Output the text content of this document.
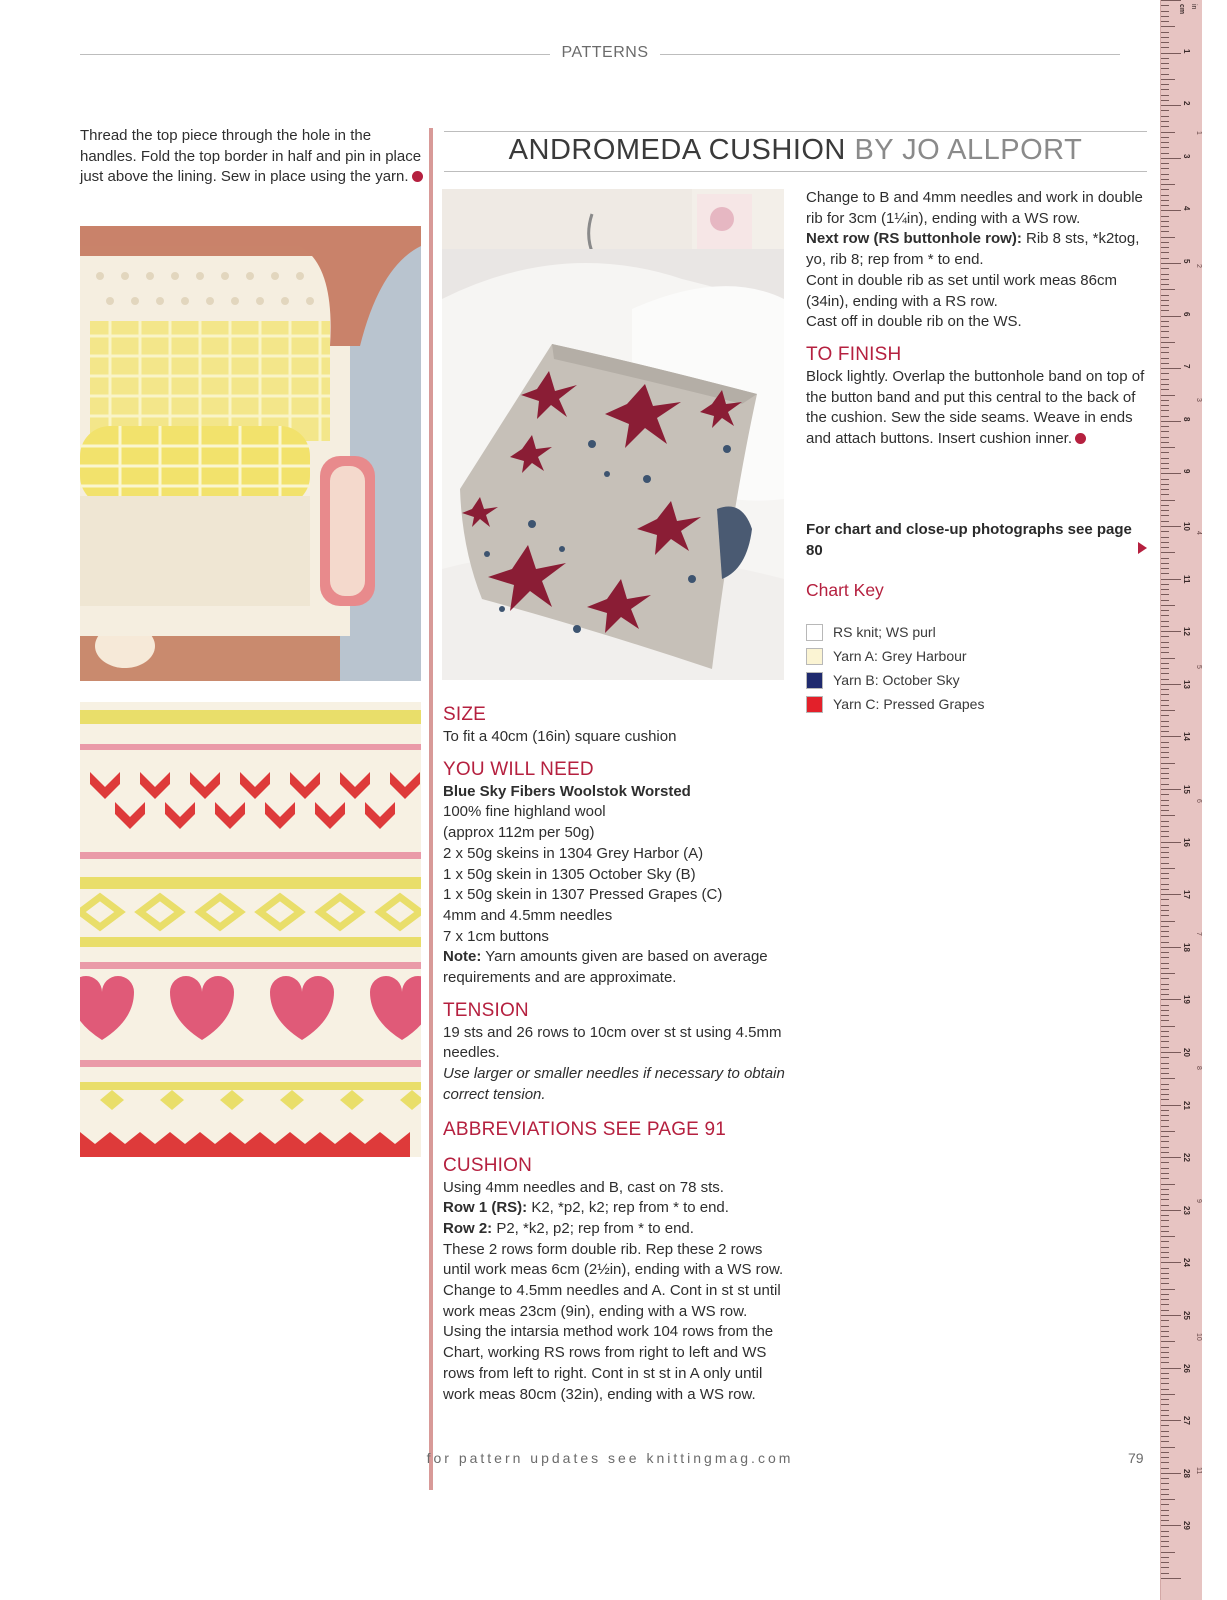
PATTERNS
Thread the top piece through the hole in the handles. Fold the top border in half and pin in place just above the lining. Sew in place using the yarn.
ANDROMEDA CUSHION BY JO ALLPORT
Change to B and 4mm needles and work in double rib for 3cm (1¼in), ending with a WS row.
Next row (RS buttonhole row): Rib 8 sts, *k2tog, yo, rib 8; rep from * to end.
Cont in double rib as set until work meas 86cm (34in), ending with a RS row.
Cast off in double rib on the WS.
TO FINISH
Block lightly. Overlap the buttonhole band on top of the button band and put this central to the back of the cushion. Sew the side seams. Weave in ends and attach buttons. Insert cushion inner.
For chart and close-up photographs see page 80
Chart Key
RS knit; WS purl
Yarn A: Grey Harbour
Yarn B: October Sky
Yarn C: Pressed Grapes
SIZE
To fit a 40cm (16in) square cushion
YOU WILL NEED
Blue Sky Fibers Woolstok Worsted
100% fine highland wool
(approx 112m per 50g)
2 x 50g skeins in 1304 Grey Harbor (A)
1 x 50g skein in 1305 October Sky (B)
1 x 50g skein in 1307 Pressed Grapes (C)
4mm and 4.5mm needles
7 x 1cm buttons
Note: Yarn amounts given are based on average requirements and are approximate.
TENSION
19 sts and 26 rows to 10cm over st st using 4.5mm needles.
Use larger or smaller needles if necessary to obtain correct tension.
ABBREVIATIONS SEE PAGE 91
CUSHION
Using 4mm needles and B, cast on 78 sts.
Row 1 (RS): K2, *p2, k2; rep from * to end.
Row 2: P2, *k2, p2; rep from * to end.
These 2 rows form double rib. Rep these 2 rows until work meas 6cm (2½in), ending with a WS row. Change to 4.5mm needles and A. Cont in st st until work meas 23cm (9in), ending with a WS row. Using the intarsia method work 104 rows from the Chart, working RS rows from right to left and WS rows from left to right. Cont in st st in A only until work meas 80cm (32in), ending with a WS row.
cm in
1
2
3
4
5
6
7
8
9
10
11
12
13
14
15
16
17
18
19
20
21
22
23
24
25
26
27
28
29
1
2
3
4
5
6
7
8
9
10
11
for pattern updates see knittingmag.com	79
